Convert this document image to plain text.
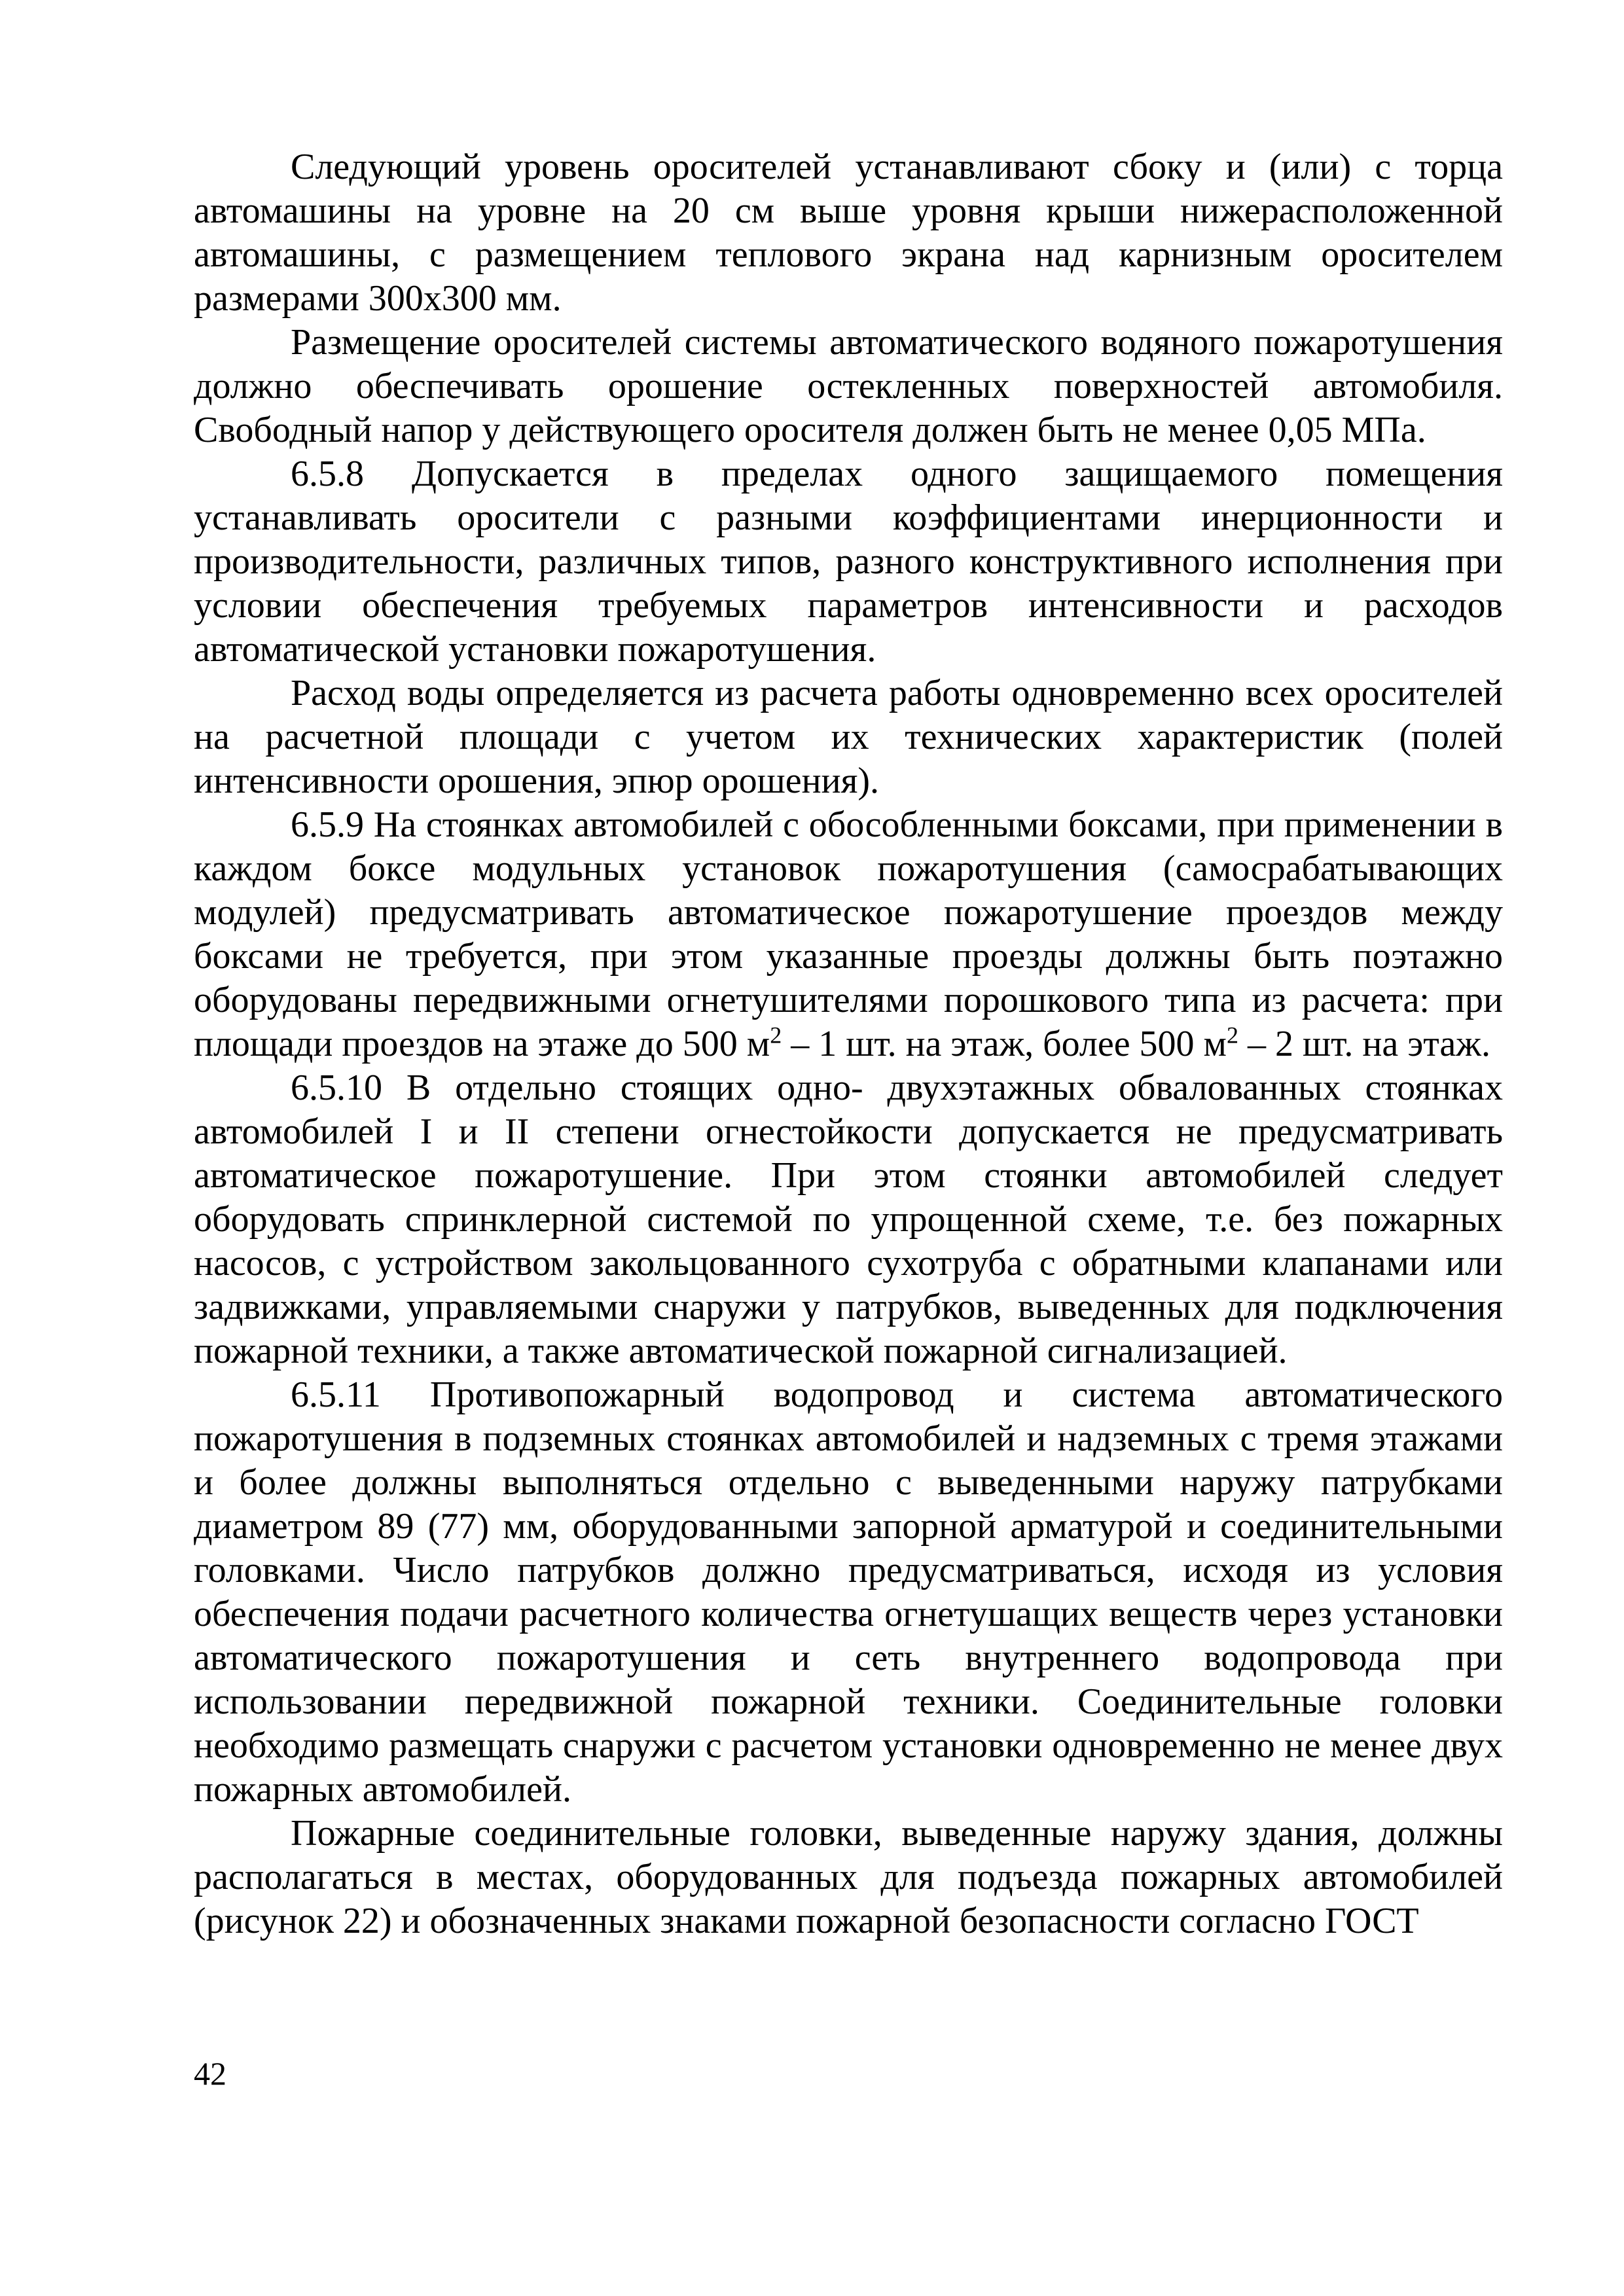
Следующий уровень оросителей устанавливают сбоку и (или) с торца автомашины на уровне на 20 см выше уровня крыши нижерасположенной автомашины, с размещением теплового экрана над карнизным оросителем размерами 300х300 мм.

Размещение оросителей системы автоматического водяного пожаротушения должно обеспечивать орошение остекленных поверхностей автомобиля. Свободный напор у действующего оросителя должен быть не менее 0,05 МПа.

6.5.8 Допускается в пределах одного защищаемого помещения устанавливать оросители с разными коэффициентами инерционности и производительности, различных типов, разного конструктивного исполнения при условии обеспечения требуемых параметров интенсивности и расходов автоматической установки пожаротушения.

Расход воды определяется из расчета работы одновременно всех оросителей на расчетной площади с учетом их технических характеристик (полей интенсивности орошения, эпюр орошения).

6.5.9 На стоянках автомобилей с обособленными боксами, при применении в каждом боксе модульных установок пожаротушения (самосрабатывающих модулей) предусматривать автоматическое пожаротушение проездов между боксами не требуется, при этом указанные проезды должны быть поэтажно оборудованы передвижными огнетушителями порошкового типа из расчета: при площади проездов на этаже до 500 $м^2 - 1$ шт. на этаж, более 500 $м^2 - 2$ шт. на этаж.

6.5.10 В отдельно стоящих одно- двухэтажных обвалованных стоянках автомобилей I и II степени огнестойкости допускается не предусматривать автоматическое пожаротушение. При этом стоянки автомобилей следует оборудовать спринклерной системой по упрощенной схеме, т.е. без пожарных насосов, с устройством закольцованного сухотруба с обратными клапанами или задвижками, управляемыми снаружи у патрубков, выведенных для подключения пожарной техники, а также автоматической пожарной сигнализацией.

6.5.11 Противопожарный водопровод и система автоматического пожаротушения в подземных стоянках автомобилей и надземных с тремя этажами и более должны выполняться отдельно с выведенными наружу патрубками диаметром 89 (77) мм, оборудованными запорной арматурой и соединительными головками. Число патрубков должно предусматриваться, исходя из условия обеспечения подачи расчетного количества огнетушащих веществ через установки автоматического пожаротушения и сеть внутреннего водопровода при использовании передвижной пожарной техники. Соединительные головки необходимо размещать снаружи с расчетом установки одновременно не менее двух пожарных автомобилей.

Пожарные соединительные головки, выведенные наружу здания, должны располагаться в местах, оборудованных для подъезда пожарных автомобилей (рисунок 22) и обозначенных знаками пожарной безопасности согласно ГОСТ

42
